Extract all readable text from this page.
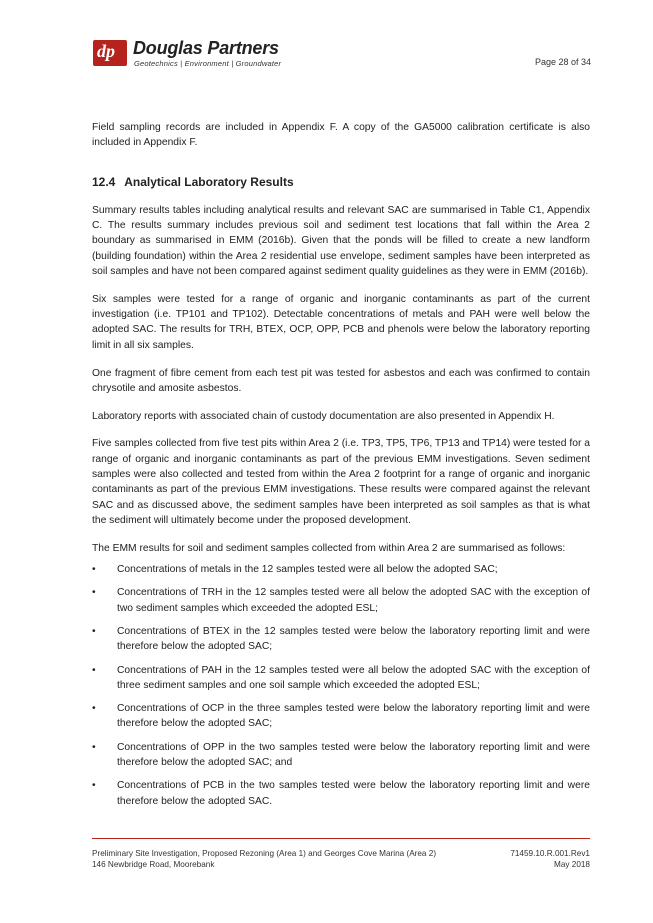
dp Douglas Partners
Geotechnics | Environment | Groundwater	Page 28 of 34

Field sampling records are included in Appendix F. A copy of the GA5000 calibration certificate is also included in Appendix F.

12.4 Analytical Laboratory Results

Summary results tables including analytical results and relevant SAC are summarised in Table C1, Appendix C. The results summary includes previous soil and sediment test locations that fall within the Area 2 boundary as summarised in EMM (2016b). Given that the ponds will be filled to create a new landform (building foundation) within the Area 2 residential use envelope, sediment samples have been interpreted as soil samples and have not been compared against sediment quality guidelines as they were in EMM (2016b).

Six samples were tested for a range of organic and inorganic contaminants as part of the current investigation (i.e. TP101 and TP102). Detectable concentrations of metals and PAH were well below the adopted SAC. The results for TRH, BTEX, OCP, OPP, PCB and phenols were below the laboratory reporting limit in all six samples.

One fragment of fibre cement from each test pit was tested for asbestos and each was confirmed to contain chrysotile and amosite asbestos.

Laboratory reports with associated chain of custody documentation are also presented in Appendix H.

Five samples collected from five test pits within Area 2 (i.e. TP3, TP5, TP6, TP13 and TP14) were tested for a range of organic and inorganic contaminants as part of the previous EMM investigations. Seven sediment samples were also collected and tested from within the Area 2 footprint for a range of organic and inorganic contaminants as part of the previous EMM investigations. These results were compared against the relevant SAC and as discussed above, the sediment samples have been interpreted as soil samples as that is what the sediment will ultimately become under the proposed development.

The EMM results for soil and sediment samples collected from within Area 2 are summarised as follows:

• Concentrations of metals in the 12 samples tested were all below the adopted SAC;
• Concentrations of TRH in the 12 samples tested were all below the adopted SAC with the exception of two sediment samples which exceeded the adopted ESL;
• Concentrations of BTEX in the 12 samples tested were below the laboratory reporting limit and were therefore below the adopted SAC;
• Concentrations of PAH in the 12 samples tested were all below the adopted SAC with the exception of three sediment samples and one soil sample which exceeded the adopted ESL;
• Concentrations of OCP in the three samples tested were below the laboratory reporting limit and were therefore below the adopted SAC;
• Concentrations of OPP in the two samples tested were below the laboratory reporting limit and were therefore below the adopted SAC; and
• Concentrations of PCB in the two samples tested were below the laboratory reporting limit and were therefore below the adopted SAC.
Preliminary Site Investigation, Proposed Rezoning (Area 1) and Georges Cove Marina (Area 2)	71459.10.R.001.Rev1
146 Newbridge Road, Moorebank	May 2018
